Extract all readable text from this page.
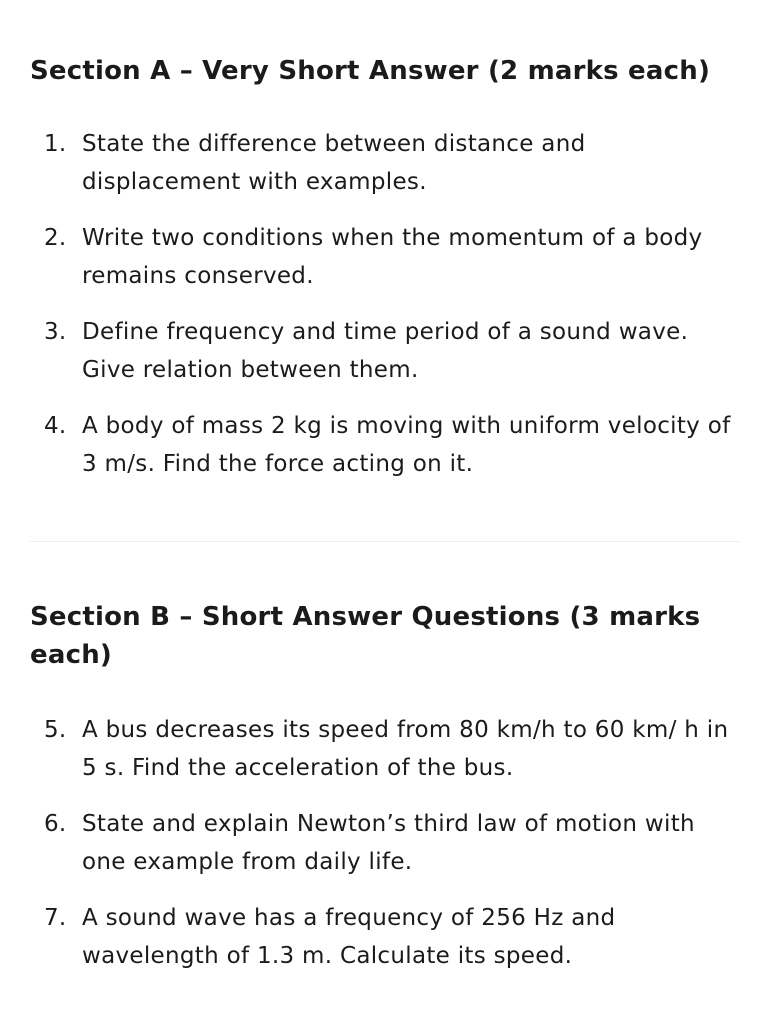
Section A – Very Short Answer (2 marks each)
1. State the difference between distance and displacement with examples.
2. Write two conditions when the momentum of a body remains conserved.
3. Define frequency and time period of a sound wave. Give relation between them.
4. A body of mass 2 kg is moving with uniform velocity of 3 m/s. Find the force acting on it.
Section B – Short Answer Questions (3 marks each)
5. A bus decreases its speed from 80 km/h to 60 km/ h in 5 s. Find the acceleration of the bus.
6. State and explain Newton’s third law of motion with one example from daily life.
7. A sound wave has a frequency of 256 Hz and wavelength of 1.3 m. Calculate its speed.
